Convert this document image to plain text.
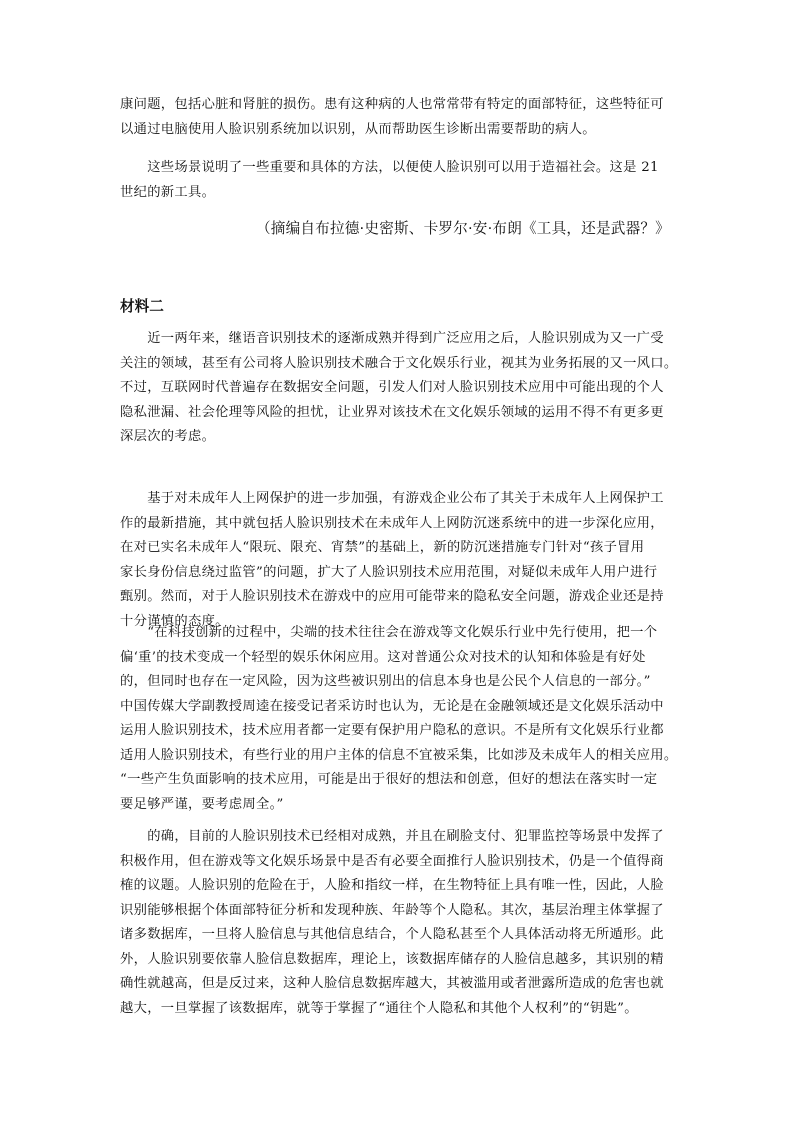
康问题，包括心脏和肾脏的损伤。患有这种病的人也常常带有特定的面部特征，这些特征可
以通过电脑使用人脸识别系统加以识别，从而帮助医生诊断出需要帮助的病人。

　　这些场景说明了一些重要和具体的方法，以便使人脸识别可以用于造福社会。这是 21
世纪的新工具。

（摘编自布拉德·史密斯、卡罗尔·安·布朗《工具，还是武器？》

材料二

　　近一两年来，继语音识别技术的逐渐成熟并得到广泛应用之后，人脸识别成为又一广受
关注的领域，甚至有公司将人脸识别技术融合于文化娱乐行业，视其为业务拓展的又一风口。
不过，互联网时代普遍存在数据安全问题，引发人们对人脸识别技术应用中可能出现的个人
隐私泄漏、社会伦理等风险的担忧，让业界对该技术在文化娱乐领域的运用不得不有更多更
深层次的考虑。

　　基于对未成年人上网保护的进一步加强，有游戏企业公布了其关于未成年人上网保护工
作的最新措施，其中就包括人脸识别技术在未成年人上网防沉迷系统中的进一步深化应用，
在对已实名未成年人“限玩、限充、宵禁”的基础上，新的防沉迷措施专门针对“孩子冒用
家长身份信息绕过监管”的问题，扩大了人脸识别技术应用范围，对疑似未成年人用户进行
甄别。然而，对于人脸识别技术在游戏中的应用可能带来的隐私安全问题，游戏企业还是持
十分谨慎的态度。

　　“在科技创新的过程中，尖端的技术往往会在游戏等文化娱乐行业中先行使用，把一个
偏‘重’的技术变成一个轻型的娱乐休闲应用。这对普通公众对技术的认知和体验是有好处
的，但同时也存在一定风险，因为这些被识别出的信息本身也是公民个人信息的一部分。”
中国传媒大学副教授周逵在接受记者采访时也认为，无论是在金融领域还是文化娱乐活动中
运用人脸识别技术，技术应用者都一定要有保护用户隐私的意识。不是所有文化娱乐行业都
适用人脸识别技术，有些行业的用户主体的信息不宜被采集，比如涉及未成年人的相关应用。
“一些产生负面影响的技术应用，可能是出于很好的想法和创意，但好的想法在落实时一定
要足够严谨，要考虑周全。”

　　的确，目前的人脸识别技术已经相对成熟，并且在刷脸支付、犯罪监控等场景中发挥了
积极作用，但在游戏等文化娱乐场景中是否有必要全面推行人脸识别技术，仍是一个值得商
榷的议题。人脸识别的危险在于，人脸和指纹一样，在生物特征上具有唯一性，因此，人脸
识别能够根据个体面部特征分析和发现种族、年龄等个人隐私。其次，基层治理主体掌握了
诸多数据库，一旦将人脸信息与其他信息结合，个人隐私甚至个人具体活动将无所遁形。此
外，人脸识别要依靠人脸信息数据库，理论上，该数据库储存的人脸信息越多，其识别的精
确性就越高，但是反过来，这种人脸信息数据库越大，其被滥用或者泄露所造成的危害也就
越大，一旦掌握了该数据库，就等于掌握了“通往个人隐私和其他个人权利”的“钥匙”。
